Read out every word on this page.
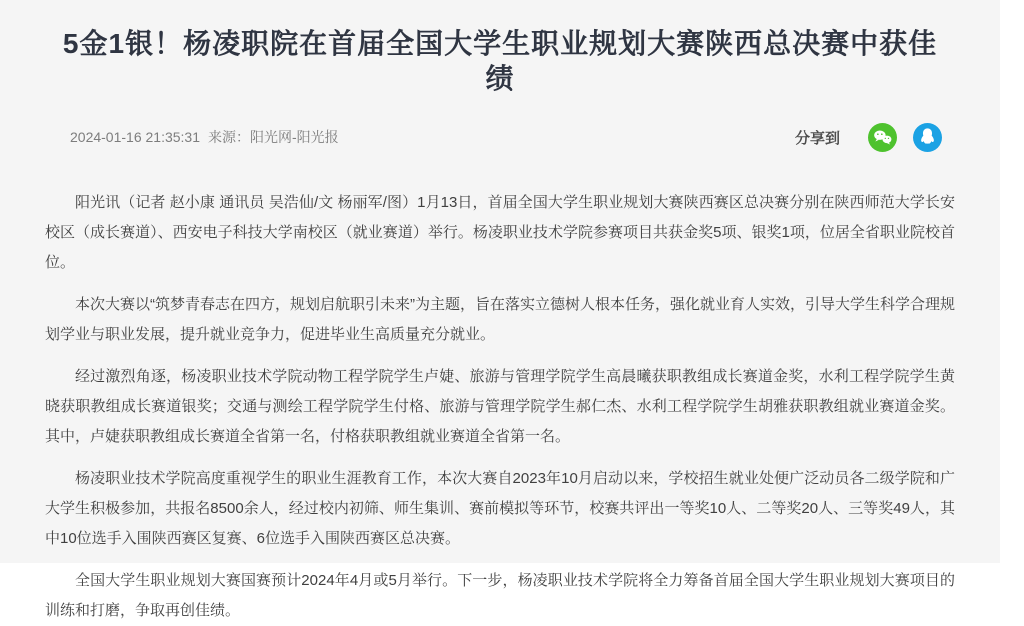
5金1银！杨凌职院在首届全国大学生职业规划大赛陕西总决赛中获佳绩
2024-01-16 21:35:31 来源：阳光网-阳光报	分享到

阳光讯（记者 赵小康 通讯员 吴浩仙/文 杨丽军/图）1月13日，首届全国大学生职业规划大赛陕西赛区总决赛分别在陕西师范大学长安校区（成长赛道）、西安电子科技大学南校区（就业赛道）举行。杨凌职业技术学院参赛项目共获金奖5项、银奖1项，位居全省职业院校首位。

本次大赛以“筑梦青春志在四方，规划启航职引未来”为主题，旨在落实立德树人根本任务，强化就业育人实效，引导大学生科学合理规划学业与职业发展，提升就业竞争力，促进毕业生高质量充分就业。

经过激烈角逐，杨凌职业技术学院动物工程学院学生卢婕、旅游与管理学院学生高晨曦获职教组成长赛道金奖，水利工程学院学生黄晓获职教组成长赛道银奖；交通与测绘工程学院学生付格、旅游与管理学院学生郝仁杰、水利工程学院学生胡雅获职教组就业赛道金奖。其中，卢婕获职教组成长赛道全省第一名，付格获职教组就业赛道全省第一名。

杨凌职业技术学院高度重视学生的职业生涯教育工作，本次大赛自2023年10月启动以来，学校招生就业处便广泛动员各二级学院和广大学生积极参加，共报名8500余人，经过校内初筛、师生集训、赛前模拟等环节，校赛共评出一等奖10人、二等奖20人、三等奖49人，其中10位选手入围陕西赛区复赛、6位选手入围陕西赛区总决赛。

全国大学生职业规划大赛国赛预计2024年4月或5月举行。下一步，杨凌职业技术学院将全力筹备首届全国大学生职业规划大赛项目的训练和打磨，争取再创佳绩。
